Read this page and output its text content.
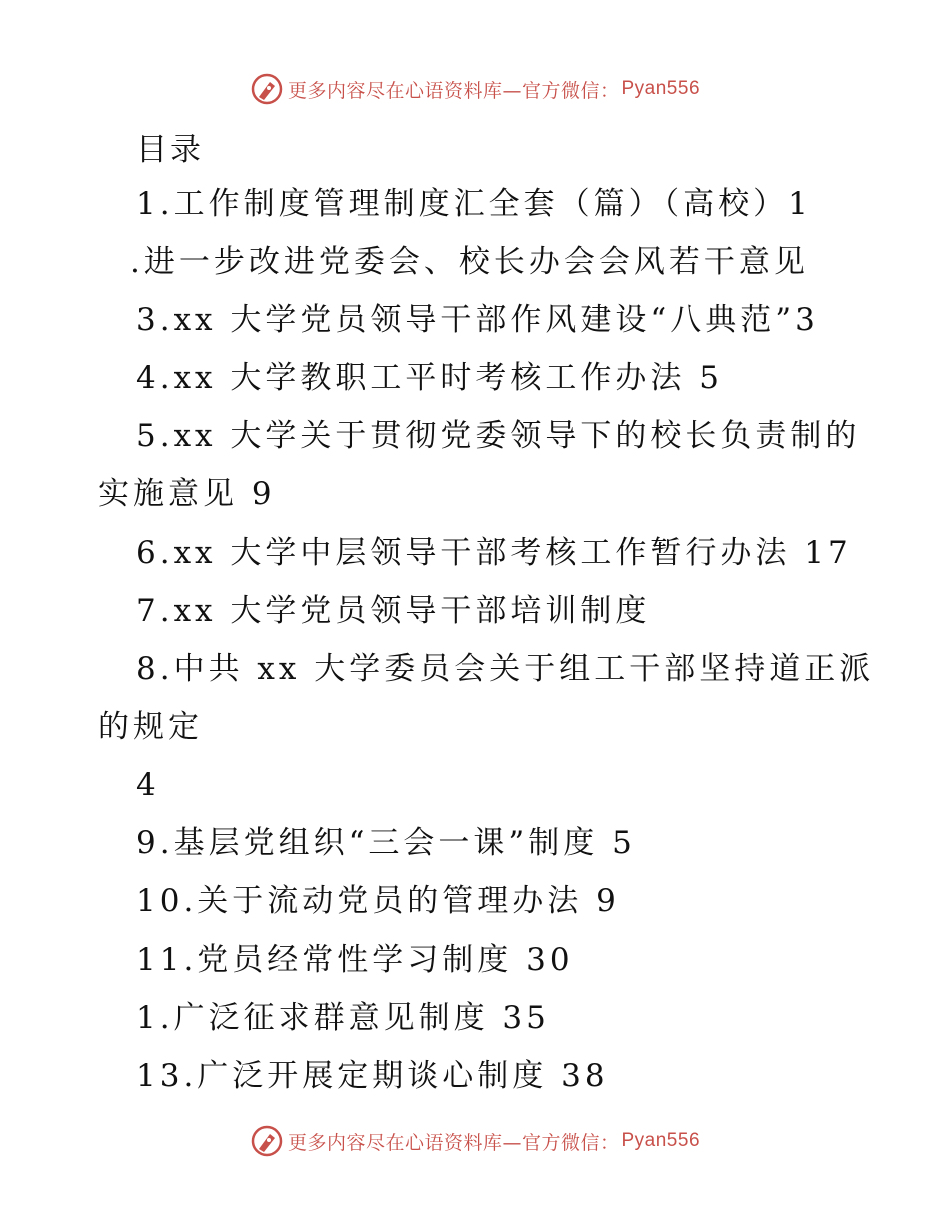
更多内容尽在心语资料库—官方微信： Pyan556
目录
1.工作制度管理制度汇全套（篇）（高校）1
.进一步改进党委会、校长办会会风若干意见
3.xx 大学党员领导干部作风建设“八典范”3
4.xx 大学教职工平时考核工作办法 5
5.xx 大学关于贯彻党委领导下的校长负责制的
实施意见 9
6.xx 大学中层领导干部考核工作暂行办法 17
7.xx 大学党员领导干部培训制度
8.中共 xx 大学委员会关于组工干部坚持道正派
的规定
4
9.基层党组织“三会一课”制度 5
10.关于流动党员的管理办法 9
11.党员经常性学习制度 30
1.广泛征求群意见制度 35
13.广泛开展定期谈心制度 38
更多内容尽在心语资料库—官方微信： Pyan556
